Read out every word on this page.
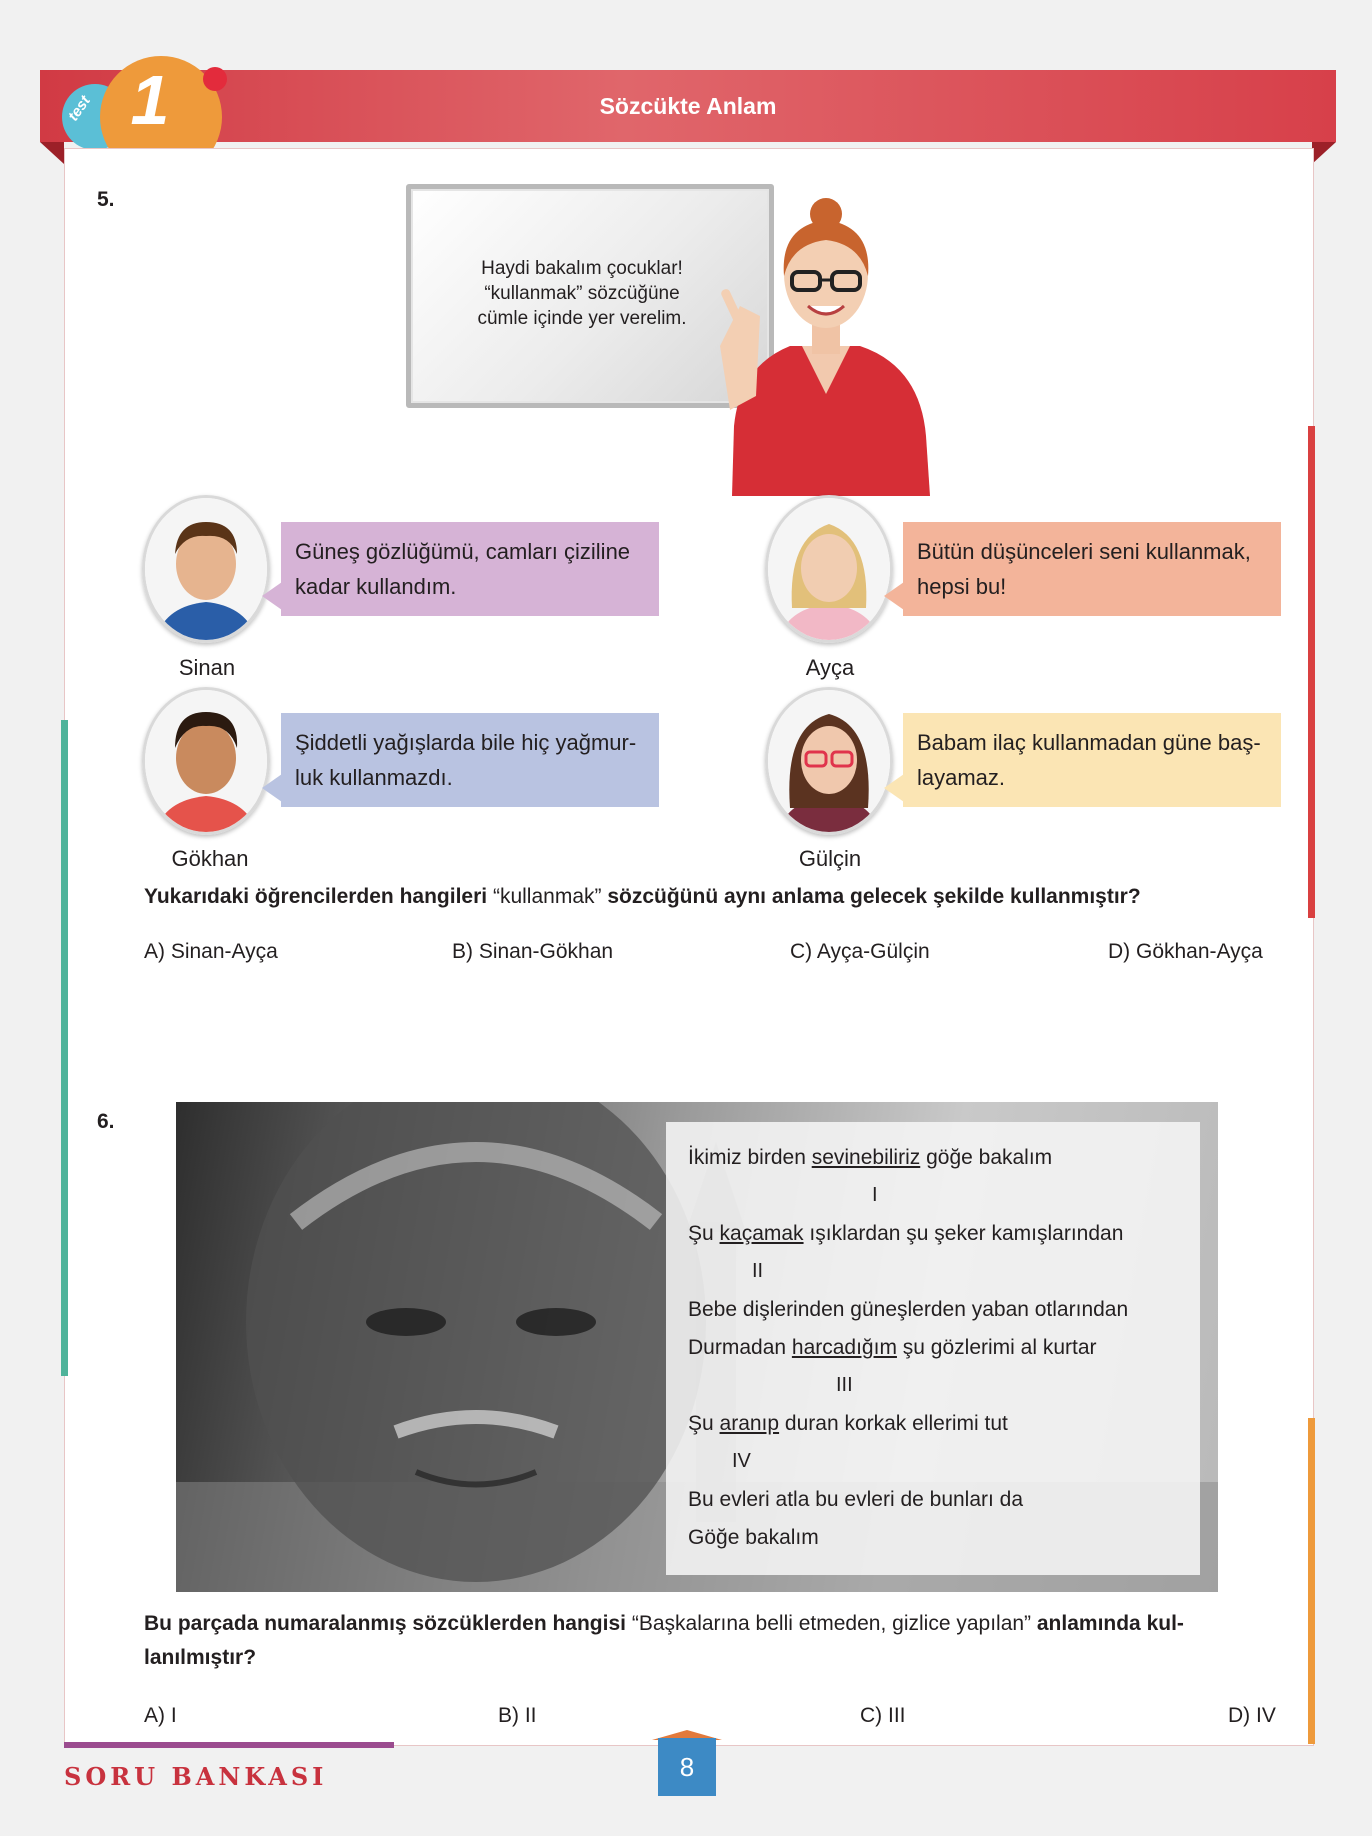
Sözcükte Anlam
test 1
5.
Haydi bakalım çocuklar!
“kullanmak” sözcüğüne
cümle içinde yer verelim.
Güneş gözlüğümü, camları çiziline
kadar kullandım.
Sinan
Bütün düşünceleri seni kullanmak,
hepsi bu!
Ayça
Şiddetli yağışlarda bile hiç yağmur-
luk kullanmazdı.
Gökhan
Babam ilaç kullanmadan güne baş-
layamaz.
Gülçin
Yukarıdaki öğrencilerden hangileri “kullanmak” sözcüğünü aynı anlama gelecek şekilde kullanmıştır?
A) Sinan-Ayça	B) Sinan-Gökhan	C) Ayça-Gülçin	D) Gökhan-Ayça
6.
İkimiz birden sevinebiliriz göğe bakalım
I
Şu kaçamak ışıklardan şu şeker kamışlarından
II
Bebe dişlerinden güneşlerden yaban otlarından
Durmadan harcadığım şu gözlerimi al kurtar
III
Şu aranıp duran korkak ellerimi tut
IV
Bu evleri atla bu evleri de bunları da
Göğe bakalım
Bu parçada numaralanmış sözcüklerden hangisi “Başkalarına belli etmeden, gizlice yapılan” anlamında kul-
lanılmıştır?
A) I	B) II	C) III	D) IV
SORU BANKASI	8
